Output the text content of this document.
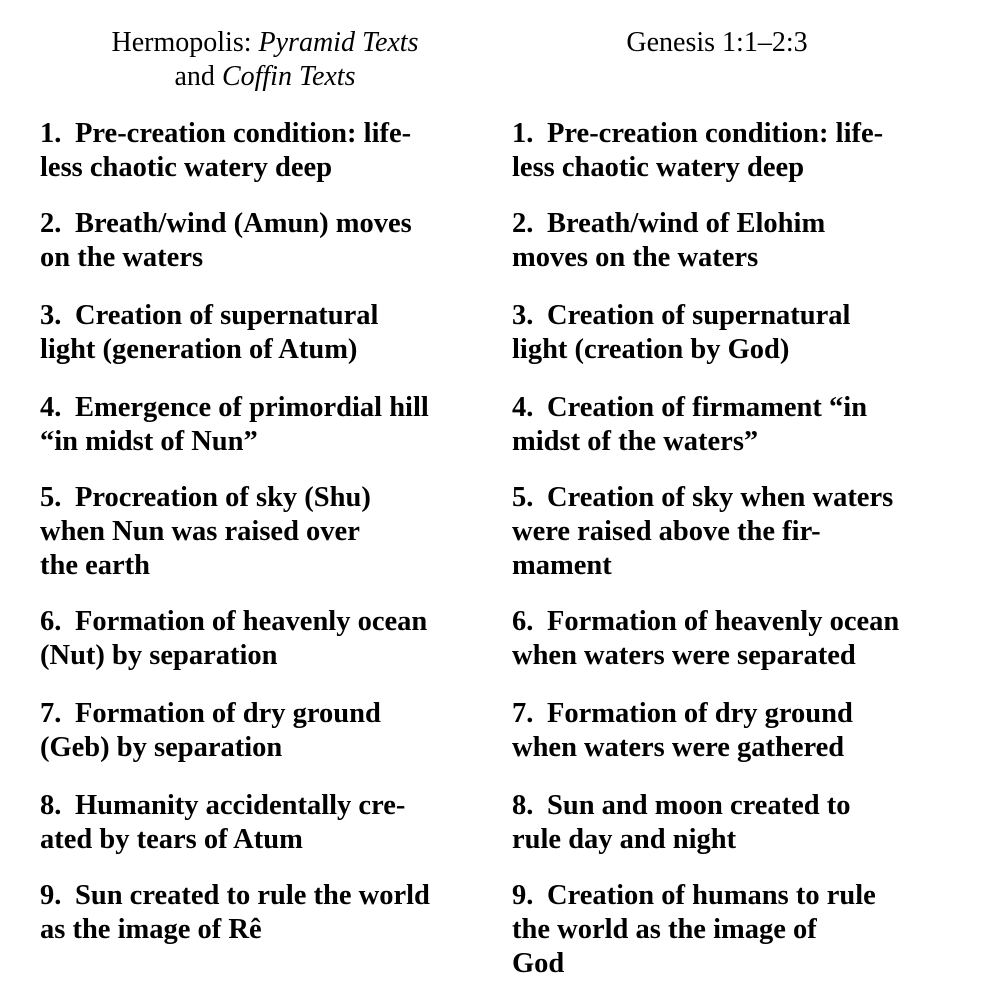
Hermopolis: Pyramid Texts
and Coffin Texts
1. Pre-creation condition: life-

less chaotic watery deep
2. Breath/wind (Amun) moves

on the waters
3. Creation of supernatural

light (generation of Atum)
4. Emergence of primordial hill

“in midst of Nun”
5. Procreation of sky (Shu)

when Nun was raised over
the earth
6. Formation of heavenly ocean

(Nut) by separation
7. Formation of dry ground

(Geb) by separation
8. Humanity accidentally cre-

ated by tears of Atum
9. Sun created to rule the world

as the image of Rê
Genesis 1:1–2:3
1. Pre-creation condition: life-

less chaotic watery deep
2. Breath/wind of Elohim

moves on the waters
3. Creation of supernatural

light (creation by God)
4. Creation of firmament “in

midst of the waters”
5. Creation of sky when waters

were raised above the fir-
mament
6. Formation of heavenly ocean

when waters were separated
7. Formation of dry ground

when waters were gathered
8. Sun and moon created to

rule day and night
9. Creation of humans to rule

the world as the image of
God
